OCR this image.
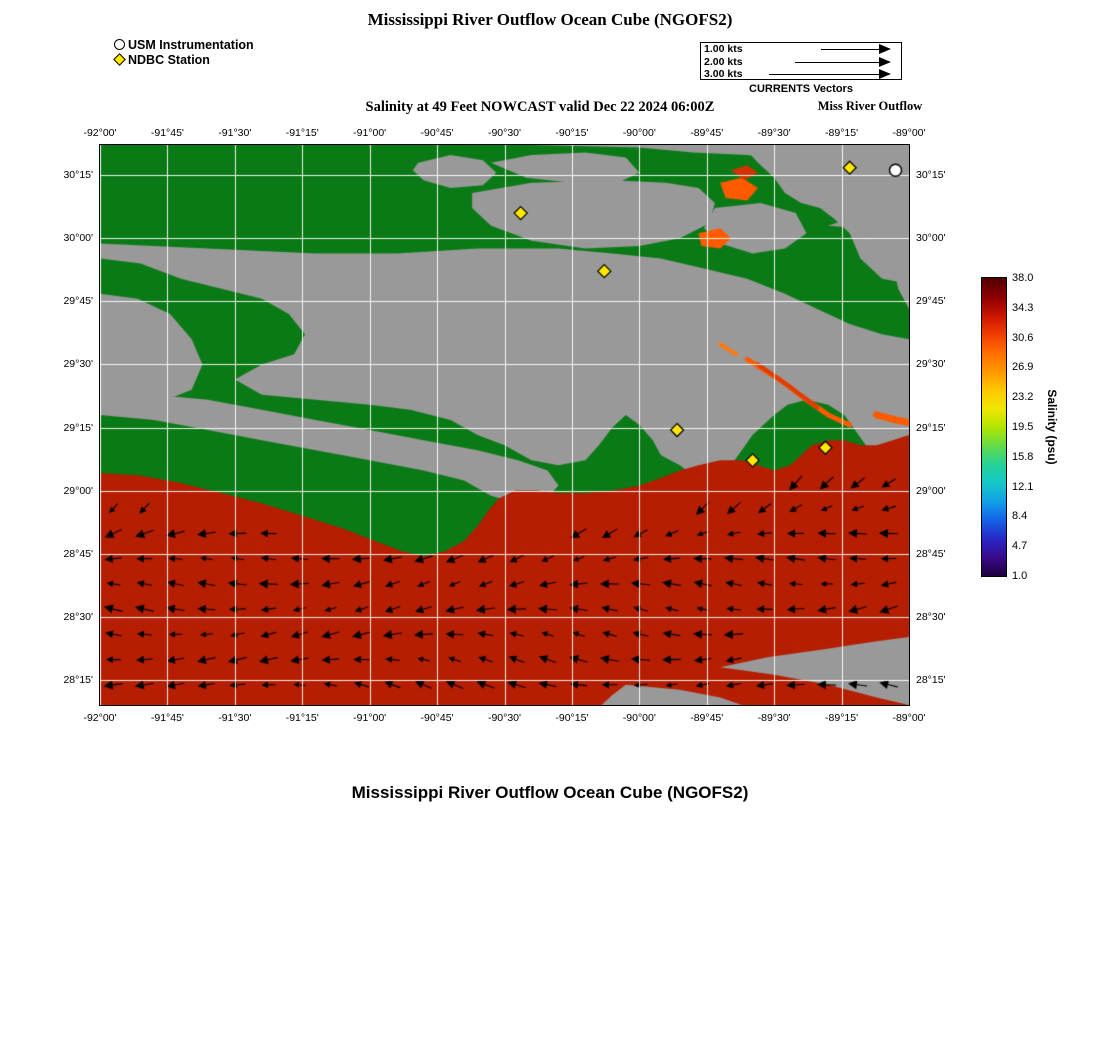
Mississippi River Outflow Ocean Cube (NGOFS2)
USM Instrumentation
NDBC Station
1.00 kts
2.00 kts
3.00 kts
CURRENTS Vectors
Salinity at 49 Feet NOWCAST valid Dec 22 2024 06:00Z	Miss River Outflow
-92°00'
-92°00'
-91°45'
-91°45'
-91°30'
-91°30'
-91°15'
-91°15'
-91°00'
-91°00'
-90°45'
-90°45'
-90°30'
-90°30'
-90°15'
-90°15'
-90°00'
-90°00'
-89°45'
-89°45'
-89°30'
-89°30'
-89°15'
-89°15'
-89°00'
-89°00'
30°15'	30°15'
30°00'	30°00'
29°45'	29°45'
29°30'	29°30'
29°15'	29°15'
29°00'	29°00'
28°45'	28°45'
28°30'	28°30'
28°15'	28°15'
38.0
34.3
30.6
26.9
23.2
19.5
15.8
12.1
8.4
4.7
1.0
Salinity (psu)
Mississippi River Outflow Ocean Cube (NGOFS2)
